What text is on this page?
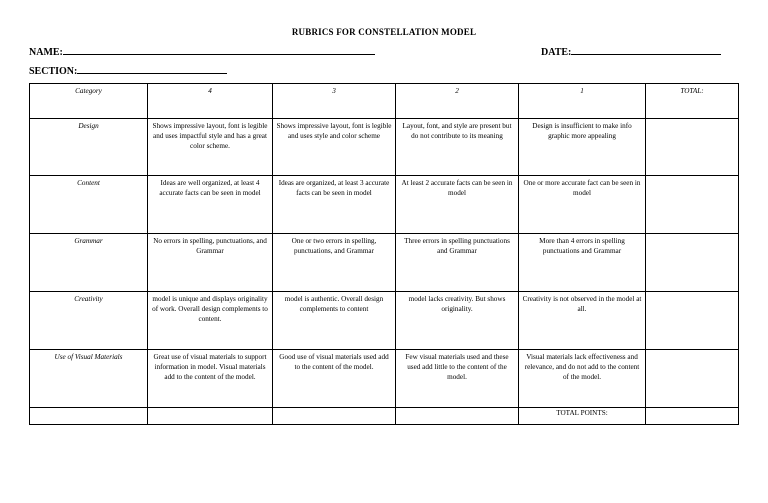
RUBRICS FOR CONSTELLATION MODEL
NAME:	DATE:
SECTION:
Category	4	3	2	1	TOTAL:
Design	Shows impressive layout, font is legible and uses impactful style and has a great color scheme.	Shows impressive layout, font is legible and uses style and color scheme	Layout, font, and style are present but do not contribute to its meaning	Design is insufficient to make info graphic more appealing	
Content	Ideas are well organized, at least 4 accurate facts can be seen in model	Ideas are organized, at least 3 accurate facts can be seen in model	At least 2 accurate facts can be seen in model	One or more accurate fact can be seen in model	
Grammar	No errors in spelling, punctuations, and Grammar	One or two errors in spelling, punctuations, and Grammar	Three errors in spelling punctuations and Grammar	More than 4 errors in spelling punctuations and Grammar	
Creativity	model is unique and displays originality of work. Overall design complements to content.	model is authentic. Overall design complements to content	model lacks creativity. But shows originality.	Creativity is not observed in the model at all.	
Use of Visual Materials	Great use of visual materials to support information in model. Visual materials add to the content of the model.	Good use of visual materials used add to the content of the model.	Few visual materials used and these used add little to the content of the model.	Visual materials lack effectiveness and relevance, and do not add to the content of the model.	
				TOTAL POINTS:	
